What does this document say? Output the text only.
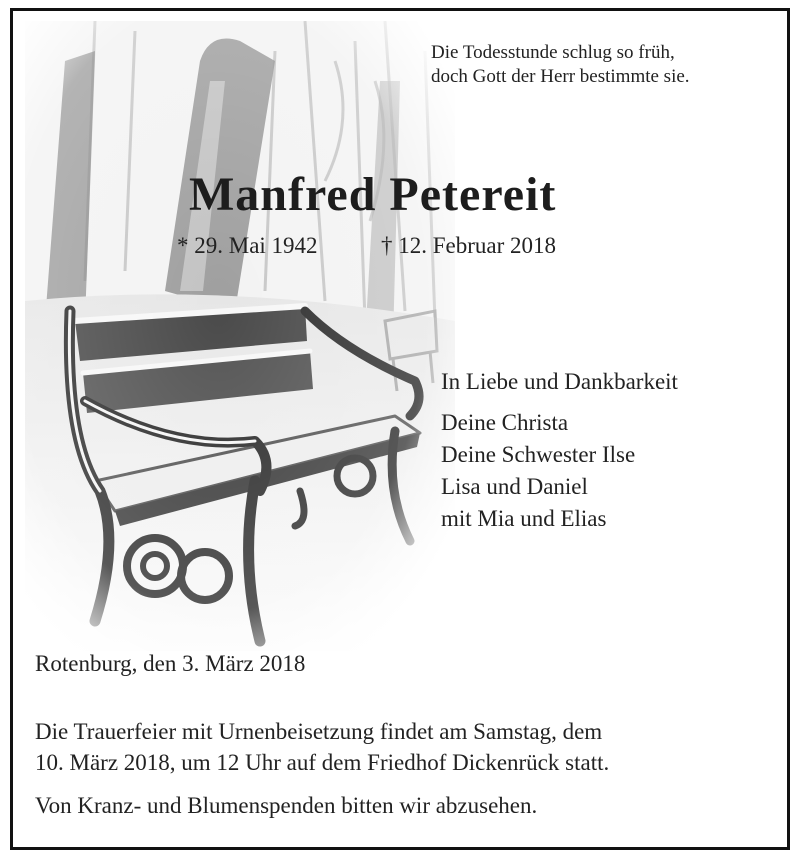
Die Todesstunde schlug so früh,
doch Gott der Herr bestimmte sie.
Manfred Petereit
* 29. Mai 1942	† 12. Februar 2018
In Liebe und Dankbarkeit
Deine Christa
Deine Schwester Ilse
Lisa und Daniel
mit Mia und Elias
Rotenburg, den 3. März 2018
Die Trauerfeier mit Urnenbeisetzung findet am Samstag, dem
10. März 2018, um 12 Uhr auf dem Friedhof Dickenrück statt.
Von Kranz- und Blumenspenden bitten wir abzusehen.
